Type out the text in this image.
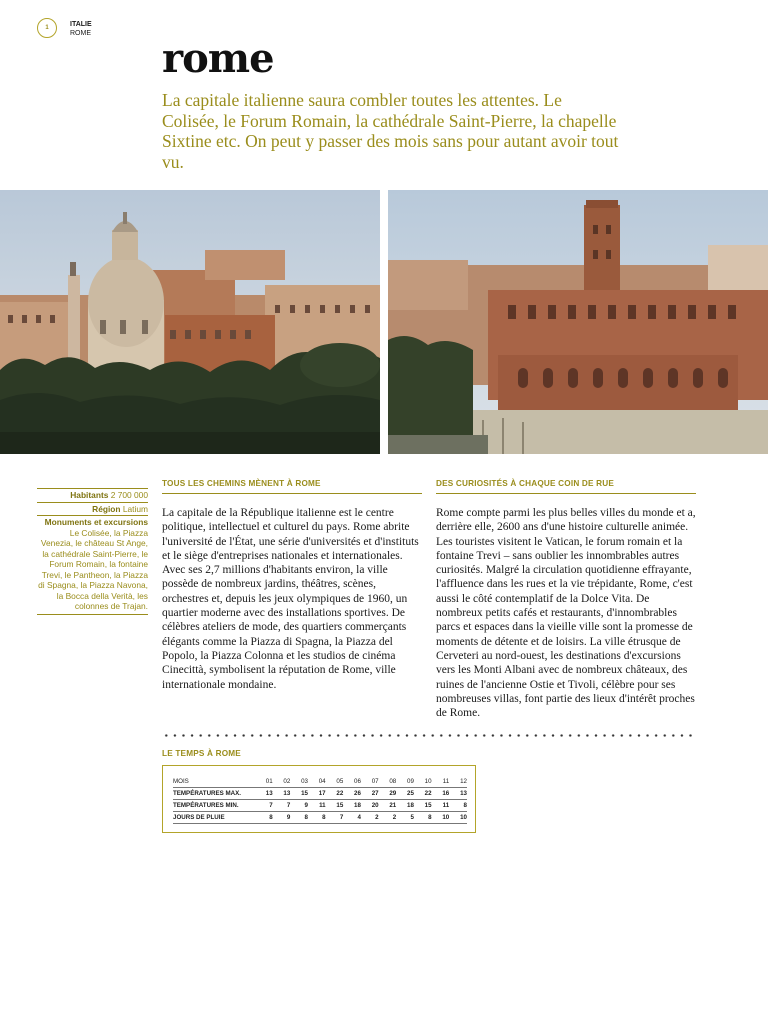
1	ITALIE
ROME
rome
La capitale italienne saura combler toutes les attentes. Le Colisée, le Forum Romain, la cathédrale Saint-Pierre, la chapelle Sixtine etc. On peut y passer des mois sans pour autant avoir tout vu.
Habitants 2 700 000
Région Latium
Monuments et excursions
Le Colisée, la Piazza Venezia, le château St Ange, la cathédrale Saint-Pierre, le Forum Romain, la fontaine Trevi, le Pantheon, la Piazza di Spagna, la Piazza Navona, la Bocca della Verità, les colonnes de Trajan.
TOUS LES CHEMINS MÈNENT À ROME
La capitale de la République italienne est le centre politique, intellectuel et culturel du pays. Rome abrite l'université de l'État, une série d'universités et d'instituts et le siège d'entreprises nationales et internationales. Avec ses 2,7 millions d'habitants environ, la ville possède de nombreux jardins, théâtres, scènes, orchestres et, depuis les jeux olympiques de 1960, un quartier moderne avec des installations sportives. De célèbres ateliers de mode, des quartiers commerçants élégants comme la Piazza di Spagna, la Piazza del Popolo, la Piazza Colonna et les studios de cinéma Cinecittà, symbolisent la réputation de Rome, ville internationale mondaine.
DES CURIOSITÉS À CHAQUE COIN DE RUE
Rome compte parmi les plus belles villes du monde et a, derrière elle, 2600 ans d'une histoire culturelle animée. Les touristes visitent le Vatican, le forum romain et la fontaine Trevi – sans oublier les innombrables autres curiosités. Malgré la circulation quotidienne effrayante, l'affluence dans les rues et la vie trépidante, Rome, c'est aussi le côté contemplatif de la Dolce Vita. De nombreux petits cafés et restaurants, d'innombrables parcs et espaces dans la vieille ville sont la promesse de moments de détente et de loisirs. La ville étrusque de Cerveteri au nord-ouest, les destinations d'excursions vers les Monti Albani avec de nombreux châteaux, des ruines de l'ancienne Ostie et Tivoli, célèbre pour ses nombreuses villas, font partie des lieux d'intérêt proches de Rome.
LE TEMPS À ROME
MOIS	01	02	03	04	05	06	07	08	09	10	11	12
TEMPÉRATURES MAX.	13	13	15	17	22	26	27	29	25	22	16	13
TEMPÉRATURES MIN.	7	7	9	11	15	18	20	21	18	15	11	8
JOURS DE PLUIE	8	9	8	8	7	4	2	2	5	8	10	10
